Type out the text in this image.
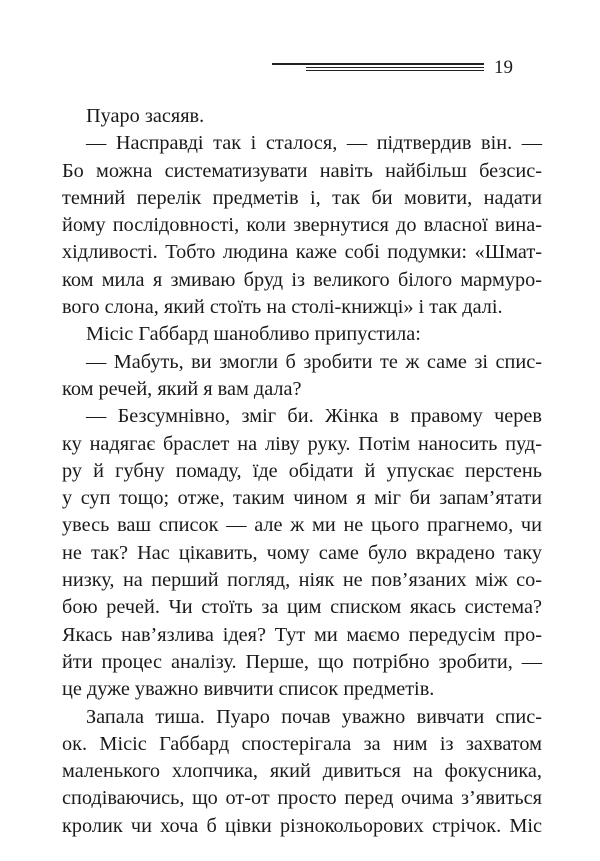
19
Пуаро засяяв.
— Насправді так і сталося, — підтвердив він. —
Бо можна систематизувати навіть найбільш безсис-
темний перелік предметів і, так би мовити, надати
йому послідовності, коли звернутися до власної вина-
хідливості. Тобто людина каже собі подумки: «Шмат-
ком мила я змиваю бруд із великого білого мармуро-
вого слона, який стоїть на столі-книжці» і так далі.
Місіс Габбард шанобливо припустила:
— Мабуть, ви змогли б зробити те ж саме зі спис-
ком речей, який я вам дала?
— Безсумнівно, зміг би. Жінка в правому черев
ку надягає браслет на ліву руку. Потім наносить пуд-
ру й губну помаду, їде обідати й упускає перстень
у суп тощо; отже, таким чином я міг би запам’ятати
увесь ваш список — але ж ми не цього прагнемо, чи
не так? Нас цікавить, чому саме було вкрадено таку
низку, на перший погляд, ніяк не пов’язаних між со-
бою речей. Чи стоїть за цим списком якась система?
Якась нав’язлива ідея? Тут ми маємо передусім про-
йти процес аналізу. Перше, що потрібно зробити, —
це дуже уважно вивчити список предметів.
Запала тиша. Пуаро почав уважно вивчати спис-
ок. Місіс Габбард спостерігала за ним із захватом
маленького хлопчика, який дивиться на фокусника,
сподіваючись, що от-от просто перед очима з’явиться
кролик чи хоча б цівки різнокольорових стрічок. Міс
